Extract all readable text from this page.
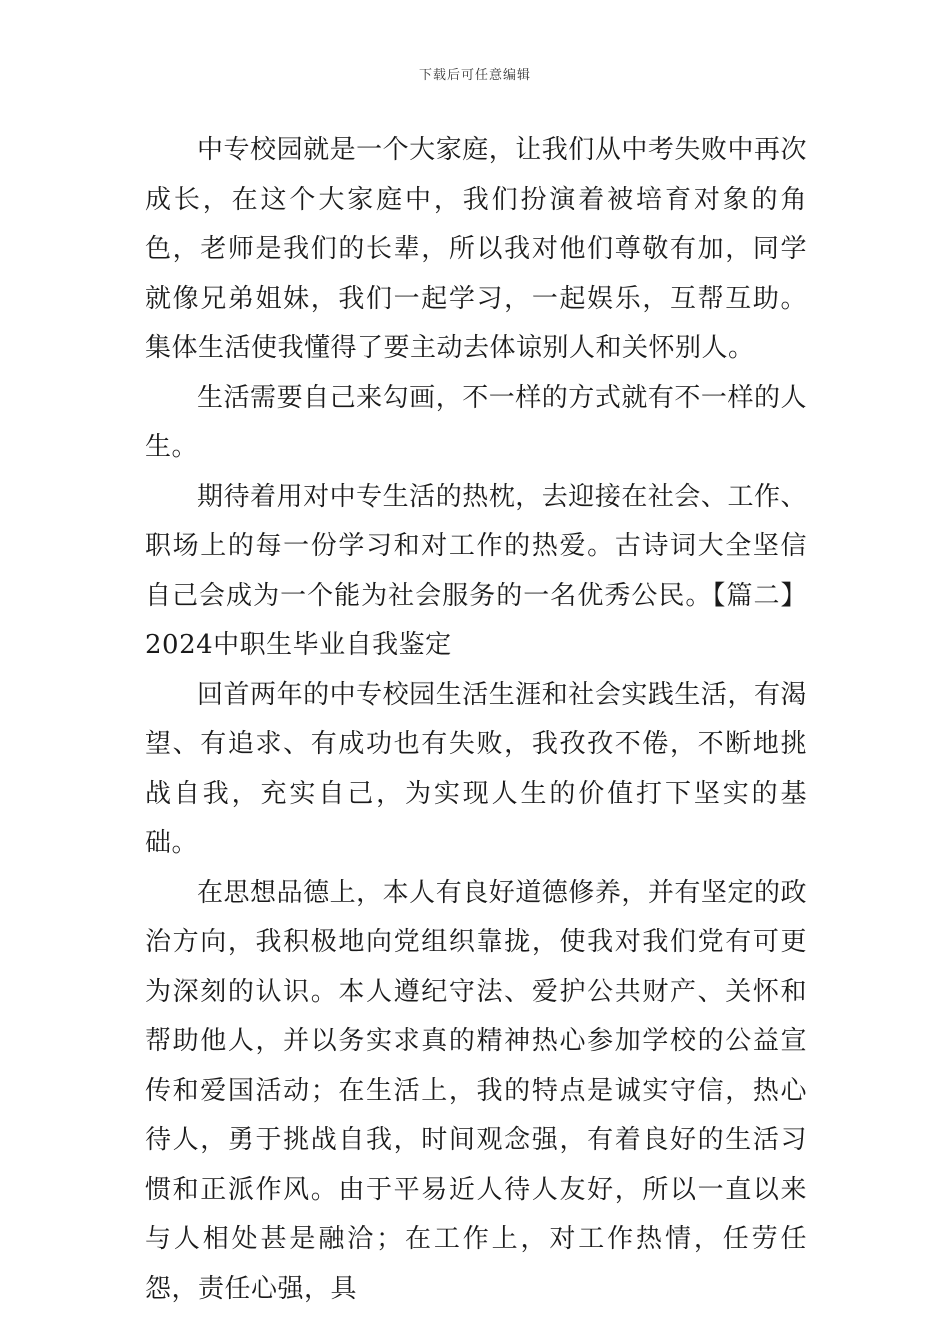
下载后可任意编辑

中专校园就是一个大家庭，让我们从中考失败中再次成长，在这个大家庭中，我们扮演着被培育对象的角色，老师是我们的长辈，所以我对他们尊敬有加，同学就像兄弟姐妹，我们一起学习，一起娱乐，互帮互助。集体生活使我懂得了要主动去体谅别人和关怀别人。

生活需要自己来勾画，不一样的方式就有不一样的人生。

期待着用对中专生活的热枕，去迎接在社会、工作、职场上的每一份学习和对工作的热爱。古诗词大全坚信自己会成为一个能为社会服务的一名优秀公民。【篇二】2024中职生毕业自我鉴定

回首两年的中专校园生活生涯和社会实践生活，有渴望、有追求、有成功也有失败，我孜孜不倦，不断地挑战自我，充实自己，为实现人生的价值打下坚实的基础。

在思想品德上，本人有良好道德修养，并有坚定的政治方向，我积极地向党组织靠拢，使我对我们党有可更为深刻的认识。本人遵纪守法、爱护公共财产、关怀和帮助他人，并以务实求真的精神热心参加学校的公益宣传和爱国活动；在生活上，我的特点是诚实守信，热心待人，勇于挑战自我，时间观念强，有着良好的生活习惯和正派作风。由于平易近人待人友好，所以一直以来与人相处甚是融洽；在工作上，对工作热情，任劳任怨，责任心强，具
